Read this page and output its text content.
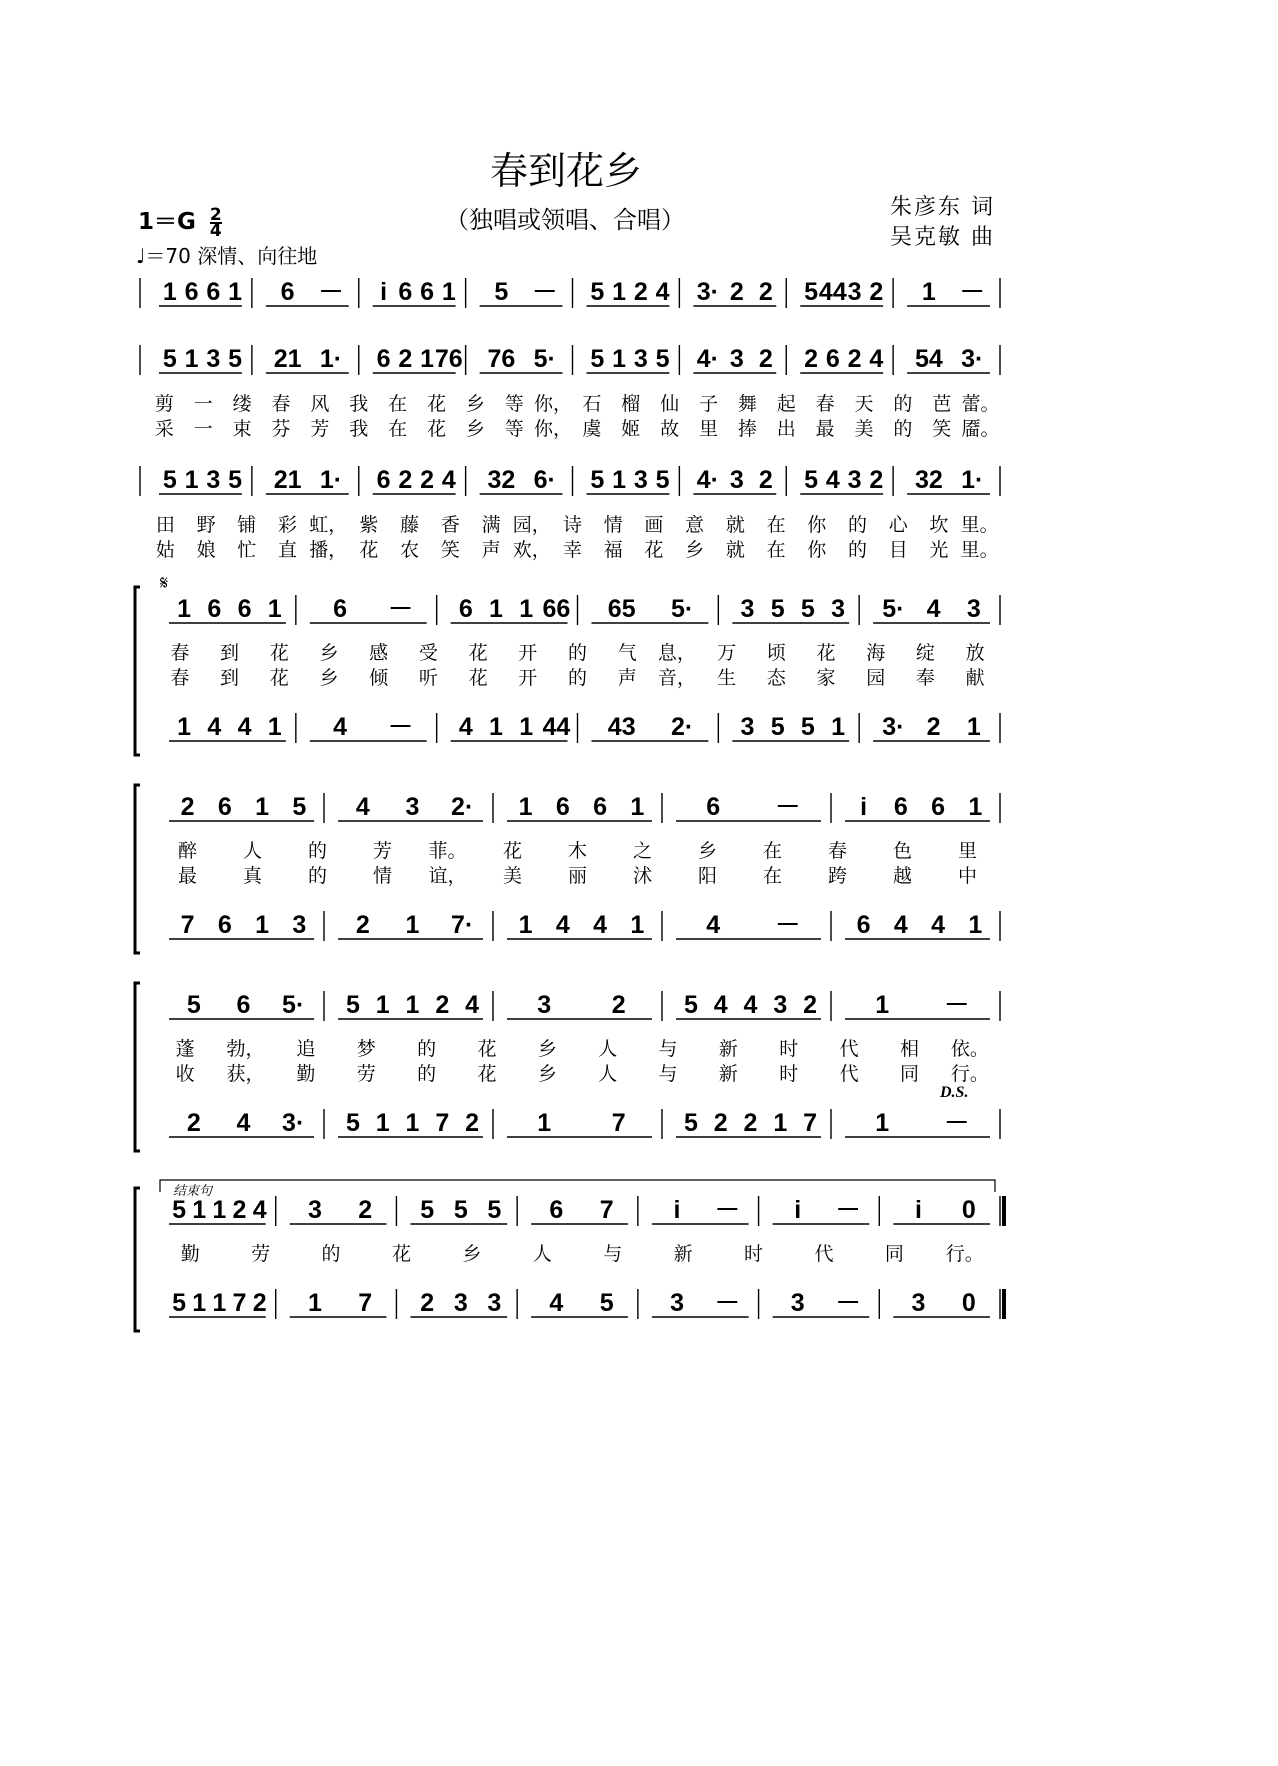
春到花乡
（独唱或领唱、合唱）
$1=G \frac{2}{4}$
♩＝70 深情、向往地
朱彦东 词
吴克敏 曲
1 6 6 1 6 － i 6 6 1 5 － 5 1 2 4 3· 2 2 5 44 3 2 1 －
5 1 3 5 21 1· 6 2 1 76 76 5· 5 1 3 5 4· 3 2 2 6 2 4 54 3·
剪 一 缕 春 风 我 在 花 乡 等 你， 石 榴 仙 子 舞 起 春 天 的 芭 蕾。
采 一 束 芬 芳 我 在 花 乡 等 你， 虞 姬 故 里 捧 出 最 美 的 笑 靥。
5 1 3 5 21 1· 6 2 2 4 32 6· 5 1 3 5 4· 3 2 5 4 3 2 32 1·
田 野 铺 彩 虹， 紫 藤 香 满 园， 诗 情 画 意 就 在 你 的 心 坎 里。
姑 娘 忙 直 播， 花 农 笑 声 欢， 幸 福 花 乡 就 在 你 的 目 光 里。
1 6 6 1 6 － 6 1 1 66 65 5· 3 5 5 3 5· 4 3
1 4 4 1 4 － 4 1 1 44 43 2· 3 5 5 1 3· 2 1
春 到 花 乡 感 受 花 开 的 气 息， 万 顷 花 海 绽 放
春 到 花 乡 倾 听 花 开 的 声 音， 生 态 家 园 奉 献
𝄋
2 6 1 5 4 3 2· 1 6 6 1 6 － i 6 6 1
7 6 1 3 2 1 7· 1 4 4 1 4 － 6 4 4 1
醉 人 的 芳 菲。 花 木 之 乡 在 春 色 里
最 真 的 情 谊， 美 丽 沭 阳 在 跨 越 中
5 6 5· 5 1 1 2 4 3 2 5 4 4 3 2 1 －
2 4 3· 5 1 1 7 2 1 7 5 2 2 1 7 1 －
蓬 勃， 追 梦 的 花 乡 人 与 新 时 代 相 依。
收 获， 勤 劳 的 花 乡 人 与 新 时 代 同 行。
D.S.
5 1 1 2 4 3 2 5 5 5 6 7 i － i － i 0
5 1 1 7 2 1 7 2 3 3 4 5 3 － 3 － 3 0
勤	劳	的	花	乡	人	与	新	时	代	同 行。
结束句
